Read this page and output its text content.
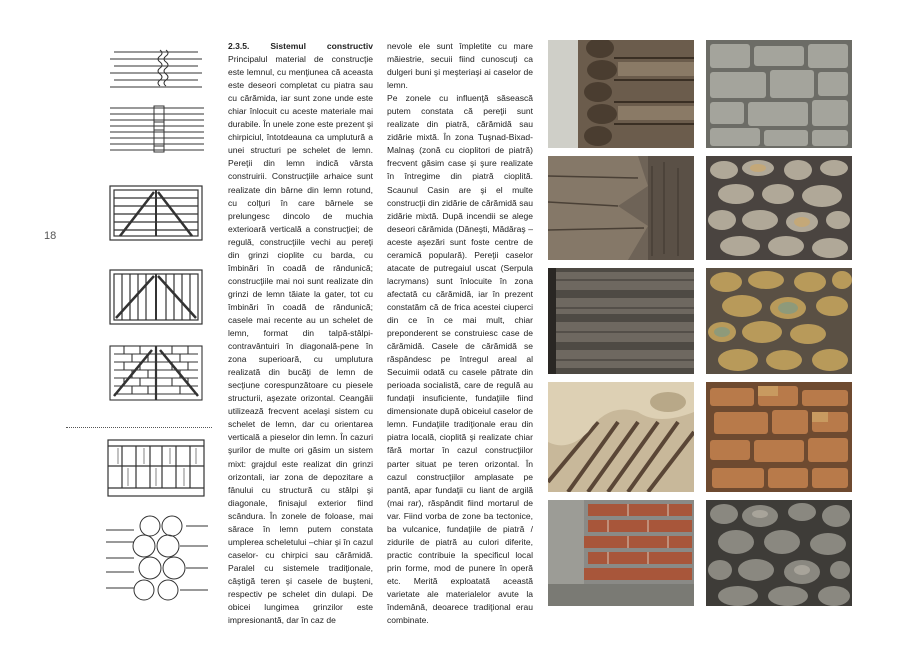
18
2.3.5. Sistemul constructiv

Principalul material de construcţie este lemnul, cu menţiunea că aceasta este deseori completat cu piatra sau cu cărămida, iar sunt zone unde este chiar înlocuit cu aceste materiale mai durabile. În unele zone este prezent şi chirpiciul, întotdeauna ca umplutură a unei structuri pe schelet de lemn. Pereţii din lemn indică vârsta construirii. Construcţiile arhaice sunt realizate din bârne din lemn rotund, cu colţuri în care bârnele se prelungesc dincolo de muchia exterioară verticală a construcţiei; de regulă, construcţiile vechi au pereţi din grinzi cioplite cu barda, cu îmbinări în coadă de rândunică; construcţiile mai noi sunt realizate din grinzi de lemn tăiate la gater, tot cu îmbinări în coadă de rândunică; casele mai recente au un schelet de lemn, format din talpă-stâlpi-contravântuiri în diagonală-pene în zona superioară, cu umplutura realizată din bucăţi de lemn de secţiune corespunzătoare cu piesele structurii, aşezate orizontal. Ceangăii utilizează frecvent acelaşi sistem cu schelet de lemn, dar cu orientarea verticală a pieselor din lemn. În cazuri şurilor de multe ori găsim un sistem mixt: grajdul este realizat din grinzi orizontali, iar zona de depozitare a fânului cu structură cu stâlpi şi diagonale, finisajul exterior fiind scândura. În zonele de foloase, mai sărace în lemn putem constata umplerea scheletului –chiar şi în cazul caselor- cu chirpici sau cărămidă. Paralel cu sistemele tradiţionale, câştigă teren şi casele de buşteni, respectiv pe schelet din dulapi. De obicei lungimea grinzilor este impresionantă, dar în caz de

nevole ele sunt împletite cu mare măiestrie, secuii fiind cunoscuţi ca dulgeri buni şi meşteriaşi ai caselor de lemn.

Pe zonele cu influenţă săsească putem constata că pereţii sunt realizate din piatră, cărămidă sau zidărie mixtă. În zona Tuşnad-Bixad-Malnaş (zonă cu cioplitori de piatră) frecvent găsim case şi şure realizate în întregime din piatră cioplită. Scaunul Casin are şi el multe construcţii din zidărie de cărămidă sau zidărie mixtă. După incendii se alege deseori cărămida (Dăneşti, Mădăraş –aceste aşezări sunt foste centre de ceramică populară). Pereţii caselor atacate de putregaiul uscat (Serpula lacrymans) sunt înlocuite în zona afectată cu cărămidă, iar în prezent constatăm că de frica acestei ciuperci din ce în ce mai mult, chiar preponderent se construiesc case de cărămidă. Casele de cărămidă se răspândesc pe întregul areal al Secuimii odată cu casele pătrate din perioada socialistă, care de regulă au fundaţii insuficiente, fundaţiile fiind dimensionate după obiceiul caselor de lemn. Fundaţiile tradiţionale erau din piatra locală, cioplită şi realizate chiar fără mortar în cazul construcţiilor parter situat pe teren orizontal. În cazul construcţiilor amplasate pe pantă, apar fundaţii cu liant de argilă (mai rar), răspândit fiind mortarul de var. Fiind vorba de zone ba tectonice, ba vulcanice, fundaţiile de piatră / zidurile de piatră au culori diferite, practic contribuie la specificul local prin forme, mod de punere în operă etc. Merită exploatată această varietate ale materialelor avute la îndemână, deoarece tradiţional erau combinate.
